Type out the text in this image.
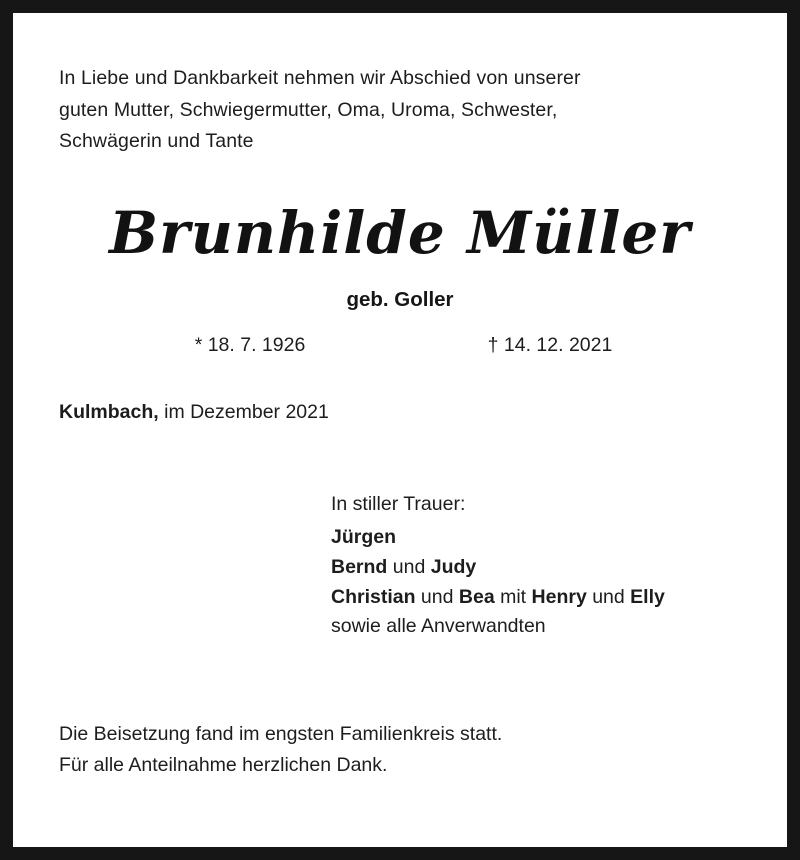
In Liebe und Dankbarkeit nehmen wir Abschied von unserer
guten Mutter, Schwiegermutter, Oma, Uroma, Schwester,
Schwägerin und Tante
Brunhilde Müller
geb. Goller
* 18. 7. 1926	† 14. 12. 2021
Kulmbach, im Dezember 2021
In stiller Trauer:
Jürgen
Bernd und Judy
Christian und Bea mit Henry und Elly
sowie alle Anverwandten
Die Beisetzung fand im engsten Familienkreis statt.
Für alle Anteilnahme herzlichen Dank.
